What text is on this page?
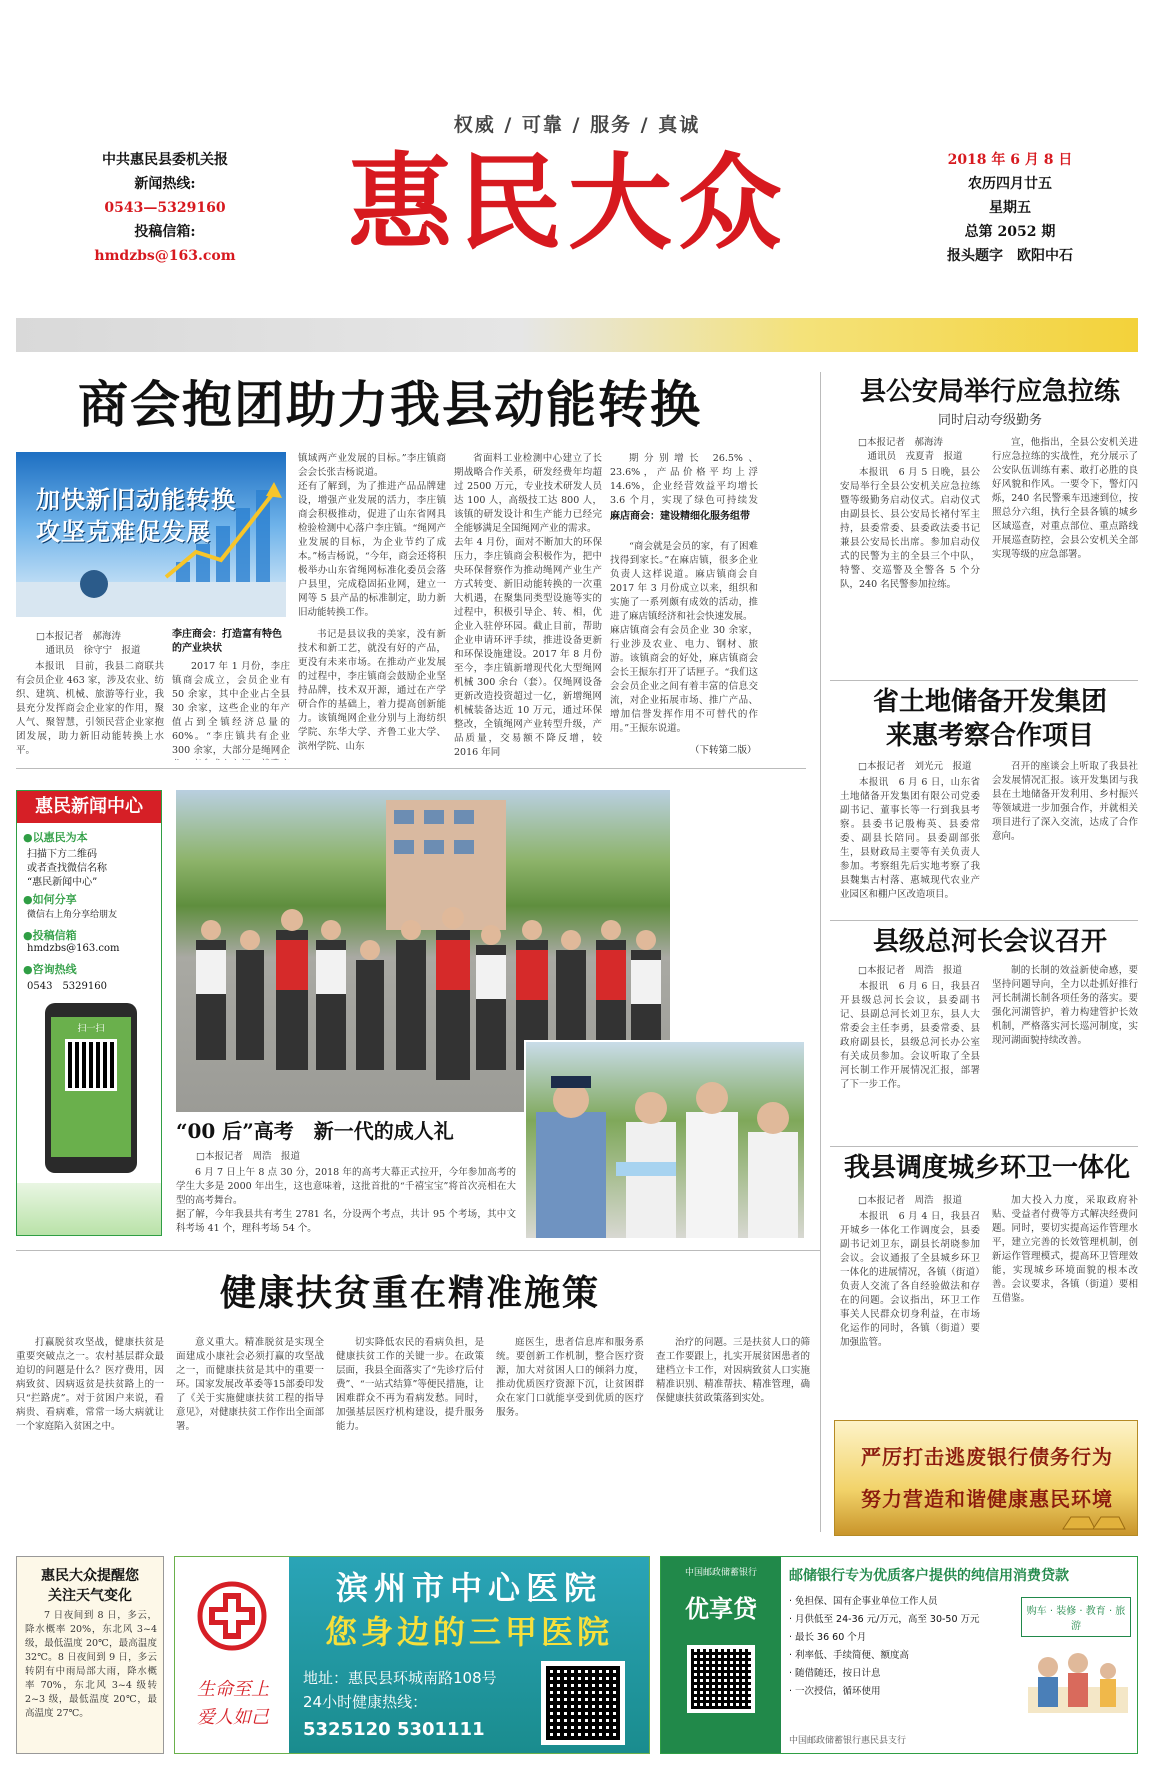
权威 / 可靠 / 服务 / 真诚
惠民大众
中共惠民县委机关报
新闻热线:
0543—5329160
投稿信箱:
hmdzbs@163.com
2018 年 6 月 8 日
农历四月廿五
星期五
总第 2052 期
报头题字　欧阳中石
商会抱团助力我县动能转换
加快新旧动能转换
攻坚克难促发展
□本报记者　郝海涛
　通讯员　徐守宁　报道
本报讯　目前，我县二商联共有会员企业 463 家，涉及农业、纺织、建筑、机械、旅游等行业，我县充分发挥商会企业家的作用，聚人气、聚智慧，引领民营企业家抱团发展，助力新旧动能转换上水平。
镇域两产业发展的目标。”李庄镇商会会长张吉杨说道。
还有了解到，为了推进产品品牌建设，增强产业发展的活力，李庄镇商会积极推动，促进了山东省网具检验检测中心落户李庄镇。“绳网产业发展的目标，为企业节约了成本。”杨吉杨说，“今年，商会还将积极举办山东省绳网标准化委员会落户县里，完成稳固拓业网，建立一网等 5 县产品的标准制定，助力新旧动能转换工作。
李庄商会：打造富有特色的产业块状
2017 年 1 月份，李庄镇商会成立，会员企业有 50 余家，其中企业占全县 30 余家，这些企业的年产值占到全镇经济总量的 60%。“李庄镇共有企业 300 余家，大部分是绳网企
书记是县议我的美家，没有新技术和新工艺，就没有好的产品，更没有未来市场。在推动产业发展的过程中，李庄镇商会鼓励企业坚持品牌，技术双开源，通过在产学研合作的基础上，着力提高创新能力。该镇绳网企业分别与上海纺织学院、东华大学、齐鲁工业大学、滨州学院、山东
省面料工业检测中心建立了长期战略合作关系，研发经费年均超过 2500 万元，专业技术研发人员达 100 人，高级技工达 800 人，该镇的研发设计和生产能力已经完全能够满足全国绳网产业的需求。
去年 4 月份，面对不断加大的环保压力，李庄镇商会积极作为，把中央环保督察作为推动绳网产业生产方式转变、新旧动能转换的一次重大机遇，在聚集同类型设施等实的过程中，积极引导企、转、相，优企业入驻停环园。截止目前，帮助企业申请环评手续，推进设备更新和环保设施建设。2017 年 8 月份至今，李庄镇新增现代化大型绳网机械 300 余台（套）。仅绳网设备更新改造投资超过一亿，新增绳网机械装备达近 10 万元，通过环保整改，全镇绳网产业转型升级，产品质量，交易额不降反增，较 2016 年同
期分别增长 26.5%、23.6%，产品价格平均上浮 14.6%，企业经营效益平均增长 3.6 个月，实现了绿色可持续发
麻店商会：建设精细化服务组带
“商会就是会员的家，有了困难找得到家长。”在麻店镇，很多企业负责人这样说道。麻店镇商会自 2017 年 3 月份成立以来，组织和实施了一系列颇有成效的活动，推进了麻店镇经济和社会快速发展。
麻店镇商会有会员企业 30 余家，行业涉及农业、电力、钢材、旅游。该镇商会的好处，麻店镇商会会长王振东打开了话匣子。“我们这会会员企业之间有着丰富的信息交流，对企业拓展市场、推广产品、增加信誉发挥作用不可替代的作用。”王振东说道。
（下转第二版）
县公安局举行应急拉练
同时启动夸级勤务
□本报记者　郝海涛
　通讯员　戎夏青　报道
本报讯　6 月 5 日晚，县公安局举行全县公安机关应急拉练暨等级勤务启动仪式。启动仪式由副县长、县公安局长褚付军主持，县委常委、县委政法委书记兼县公安局长出席。参加启动仪式的民警为主的全县三个中队，特警、交巡警及全警各 5 个分队，240 名民警参加拉练。
宣，他指出，全县公安机关进行应急拉练的实战性，充分展示了公安队伍训练有素、敢打必胜的良好风貌和作风。一要令下，警灯闪烁，240 名民警乘车迅速到位，按照总分六组，执行全县各镇的城乡区域巡查，对重点部位、重点路线开展巡查防控，会县公安机关全部实现等级的应急部署。
省土地储备开发集团
来惠考察合作项目
□本报记者　刘光元　报道
本报讯　6 月 6 日，山东省土地储备开发集团有限公司党委副书记、董事长等一行到我县考察。县委书记殷梅英、县委常委、副县长陪同。县委副部张生，县财政局主要等有关负责人参加。考察组先后实地考察了我县魏集古村落、惠城现代农业产业园区和棚户区改造项目。
召开的座谈会上听取了我县社会发展情况汇报。该开发集团与我县在土地储备开发利用、乡村振兴等领域进一步加强合作，并就相关项目进行了深入交流，达成了合作意向。
县级总河长会议召开
□本报记者　周浩　报道
本报讯　6 月 6 日，我县召开县级总河长会议，县委副书记、县副总河长刘卫东，县人大常委会主任李勇，县委常委、县政府副县长，县级总河长办公室有关成员参加。会议听取了全县河长制工作开展情况汇报，部署了下一步工作。
制的长制的效益新使命感，要坚持问题导向，全力以赴抓好推行河长制湖长制各项任务的落实。要强化河湖管护，着力构建管护长效机制，严格落实河长巡河制度，实现河湖面貌持续改善。
我县调度城乡环卫一体化
□本报记者　周浩　报道
本报讯　6 月 4 日，我县召开城乡一体化工作调度会，县委副书记刘卫东，副县长胡晓参加会议。会议通报了全县城乡环卫一体化的进展情况，各镇（街道）负责人交流了各自经验做法和存在的问题。会议指出，环卫工作事关人民群众切身利益，在市场化运作的同时，各镇（街道）要加强监管。
加大投入力度，采取政府补贴、受益者付费等方式解决经费问题。同时，要切实提高运作管理水平，建立完善的长效管理机制，创新运作管理模式，提高环卫管理效能，实现城乡环境面貌的根本改善。会议要求，各镇（街道）要相互借鉴。
严厉打击逃废银行债务行为
努力营造和谐健康惠民环境
惠民新闻中心
●以惠民为本
扫描下方二维码
或者查找微信名称
“惠民新闻中心”
●如何分享
微信右上角分享给朋友
●投稿信箱
hmdzbs@163.com
●咨询热线
0543　5329160
扫一扫
“00 后”高考　新一代的成人礼
□本报记者　周浩　报道
6 月 7 日上午 8 点 30 分，2018 年的高考大幕正式拉开，今年参加高考的学生大多是 2000 年出生，这也意味着，这批首批的“千禧宝宝”将首次亮相在大型的高考舞台。
据了解，今年我县共有考生 2781 名，分设两个考点，共计 95 个考场，其中文科考场 41 个，理科考场 54 个。
健康扶贫重在精准施策
打赢脱贫攻坚战，健康扶贫是重要突破点之一。农村基层群众最迫切的问题是什么？医疗费用，因病致贫、因病返贫是扶贫路上的一只“拦路虎”。对于贫困户来说，看病贵、看病难，常常一场大病就让一个家庭陷入贫困之中。
意义重大。精准脱贫是实现全面建成小康社会必须打赢的攻坚战之一，而健康扶贫是其中的重要一环。国家发展改革委等15部委印发了《关于实施健康扶贫工程的指导意见》，对健康扶贫工作作出全面部署。
切实降低农民的看病负担，是健康扶贫工作的关键一步。在政策层面，我县全面落实了“先诊疗后付费”、“一站式结算”等便民措施，让困难群众不再为看病发愁。同时，加强基层医疗机构建设，提升服务能力。
庭医生，患者信息库和服务系统。要创新工作机制，整合医疗资源，加大对贫困人口的倾斜力度，推动优质医疗资源下沉，让贫困群众在家门口就能享受到优质的医疗服务。
治疗的问题。三是扶贫人口的筛查工作要跟上，扎实开展贫困患者的建档立卡工作，对因病致贫人口实施精准识别、精准帮扶、精准管理，确保健康扶贫政策落到实处。
惠民大众提醒您
关注天气变化
7 日夜间到 8 日，多云，降水概率 20%，东北风 3~4 级，最低温度 20℃，最高温度 32℃。8 日夜间到 9 日，多云转阴有中雨局部大雨，降水概率 70%，东北风 3~4 级转 2~3 级，最低温度 20℃，最高温度 27℃。
生命至上
爱人如己
滨州市中心医院
您身边的三甲医院
地址：惠民县环城南路108号
24小时健康热线：
5325120 5301111
中国邮政储蓄银行
优享贷
邮储银行专为优质客户提供的纯信用消费贷款
· 免担保、国有企事业单位工作人员
· 月供低至 24-36 元/万元，高至 30-50 万元
· 最长 36 60 个月
· 利率低、手续简便、额度高
· 随借随还，按日计息
· 一次授信，循环使用
购车 · 装修 · 教育 · 旅游
中国邮政储蓄银行惠民县支行
